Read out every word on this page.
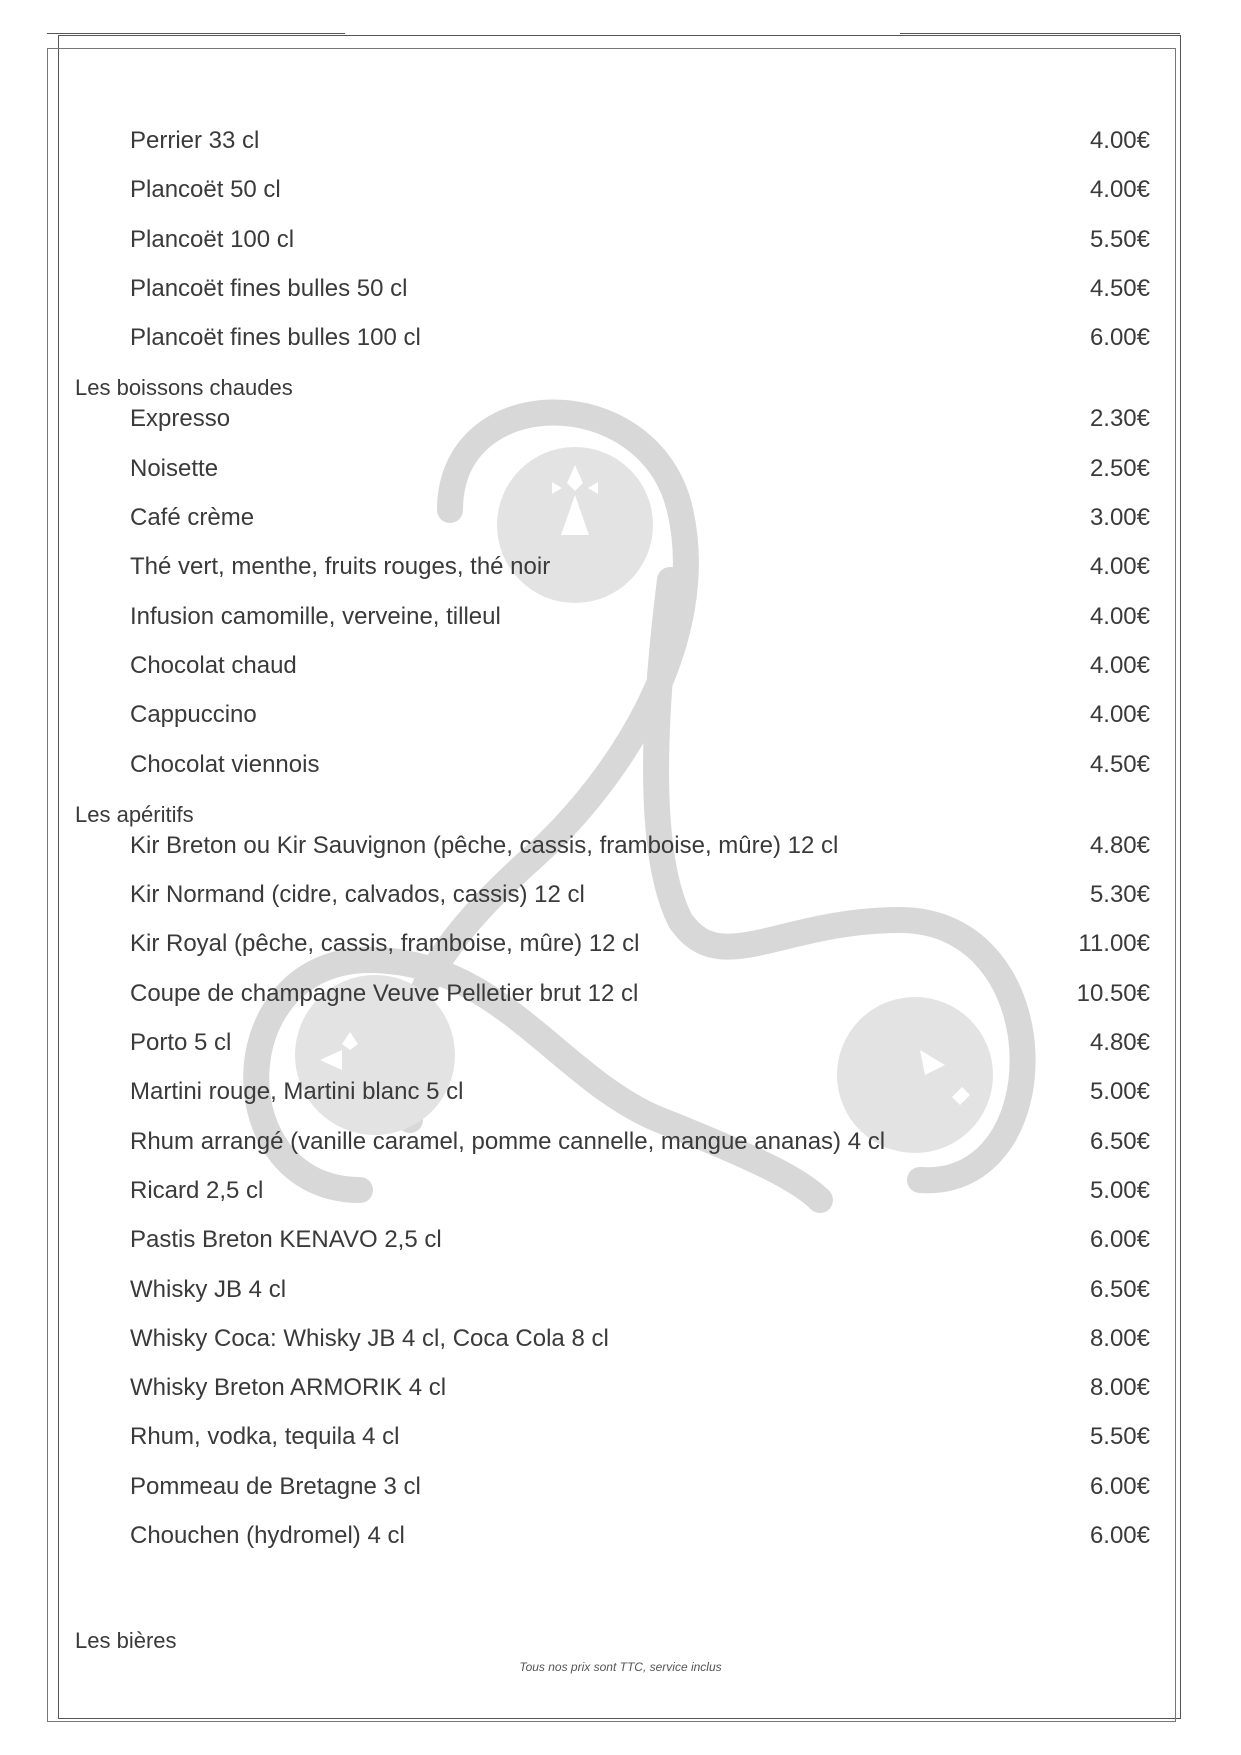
Perrier 33 cl	4.00€
Plancoët 50 cl	4.00€
Plancoët 100 cl	5.50€
Plancoët fines bulles 50 cl	4.50€
Plancoët fines bulles 100 cl	6.00€
Les boissons chaudes
Expresso	2.30€
Noisette	2.50€
Café crème	3.00€
Thé vert, menthe, fruits rouges, thé noir	4.00€
Infusion camomille, verveine, tilleul	4.00€
Chocolat chaud	4.00€
Cappuccino	4.00€
Chocolat viennois	4.50€
Les apéritifs
Kir Breton ou Kir Sauvignon (pêche, cassis, framboise, mûre) 12 cl	4.80€
Kir Normand (cidre, calvados, cassis) 12 cl	5.30€
Kir Royal (pêche, cassis, framboise, mûre) 12 cl	11.00€
Coupe de champagne Veuve Pelletier brut 12 cl	10.50€
Porto 5 cl	4.80€
Martini rouge, Martini blanc 5 cl	5.00€
Rhum arrangé (vanille caramel, pomme cannelle, mangue ananas) 4 cl	6.50€
Ricard 2,5 cl	5.00€
Pastis Breton KENAVO 2,5 cl	6.00€
Whisky JB 4 cl	6.50€
Whisky Coca: Whisky JB 4 cl, Coca Cola 8 cl	8.00€
Whisky Breton ARMORIK 4 cl	8.00€
Rhum, vodka, tequila 4 cl	5.50€
Pommeau de Bretagne 3 cl	6.00€
Chouchen (hydromel) 4 cl	6.00€
Les bières
Tous nos prix sont TTC, service inclus
